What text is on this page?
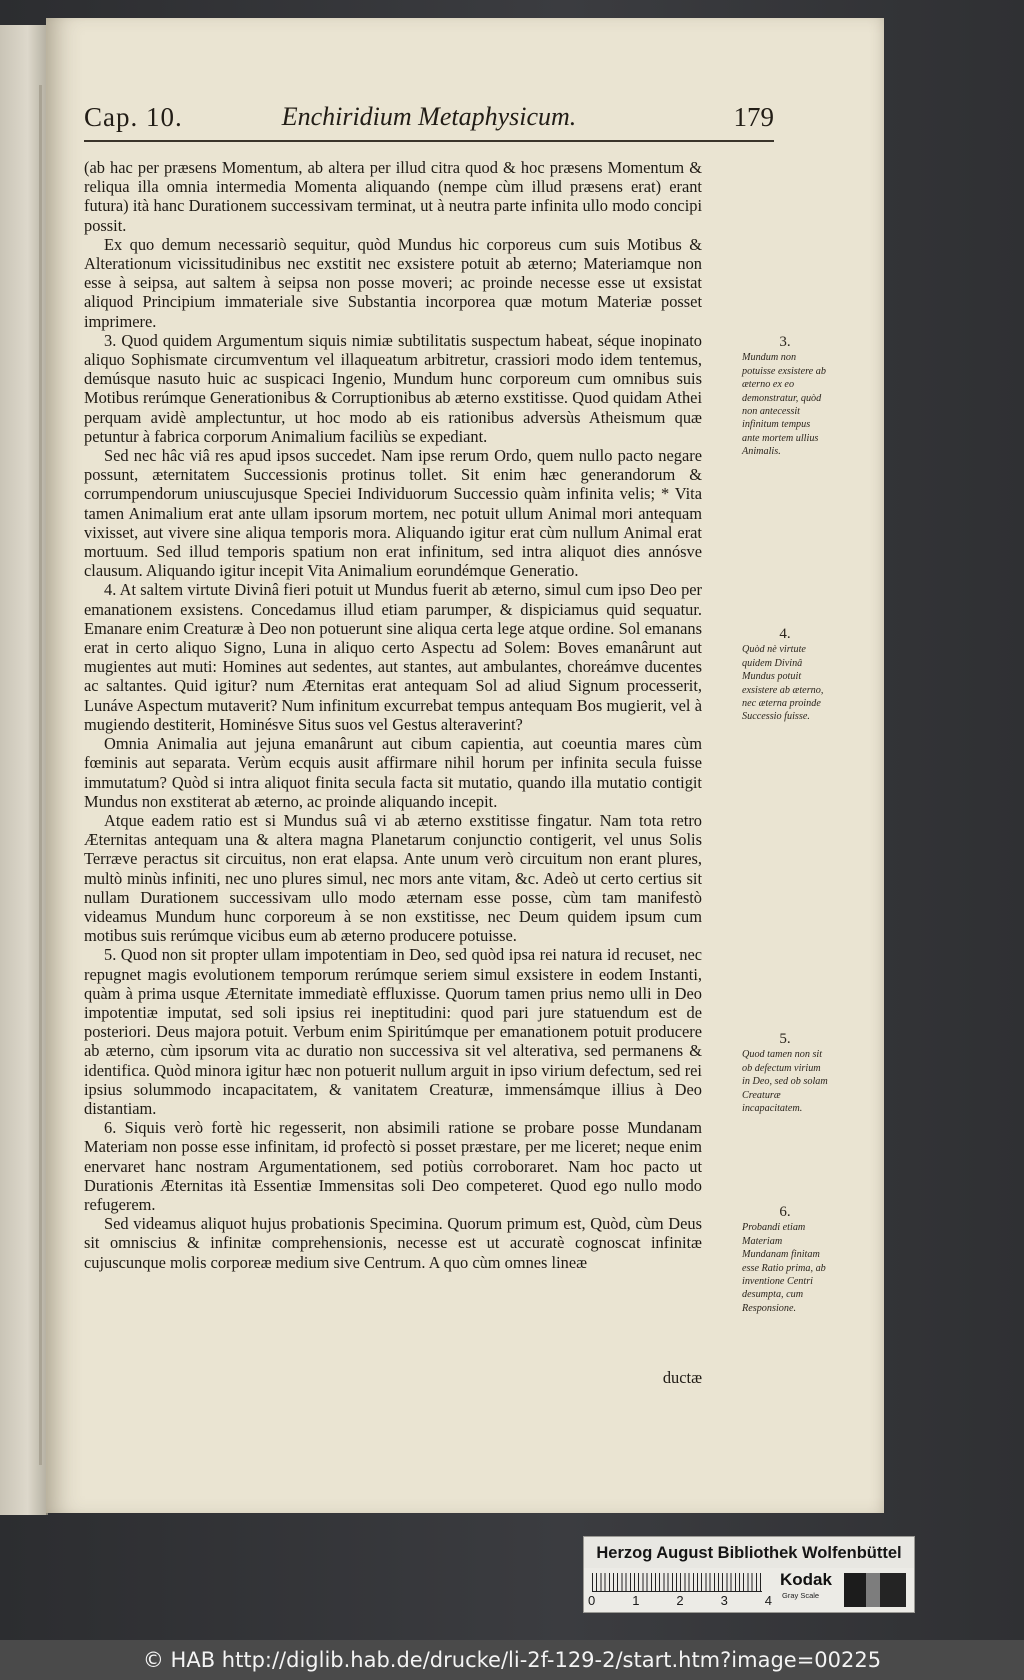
Cap. 10.	Enchiridium Metaphysicum.	179

(ab hac per præsens Momentum, ab altera per illud citra quod & hoc præsens Momentum & reliqua illa omnia intermedia Momenta aliquando (nempe cùm illud præsens erat) erant futura) ità hanc Durationem successivam terminat, ut à neutra parte infinita ullo modo concipi possit.

Ex quo demum necessariò sequitur, quòd Mundus hic corporeus cum suis Motibus & Alterationum vicissitudinibus nec exstitit nec exsistere potuit ab æterno; Materiamque non esse à seipsa, aut saltem à seipsa non posse moveri; ac proinde necesse esse ut exsistat aliquod Principium immateriale sive Substantia incorporea quæ motum Materiæ posset imprimere.

3. Quod quidem Argumentum siquis nimiæ subtilitatis suspectum habeat, séque inopinato aliquo Sophismate circumventum vel illaqueatum arbitretur, crassiori modo idem tentemus, demúsque nasuto huic ac suspicaci Ingenio, Mundum hunc corporeum cum omnibus suis Motibus rerúmque Generationibus & Corruptionibus ab æterno exstitisse. Quod quidam Athei perquam avidè amplectuntur, ut hoc modo ab eis rationibus adversùs Atheismum quæ petuntur à fabrica corporum Animalium faciliùs se expediant.

Sed nec hâc viâ res apud ipsos succedet. Nam ipse rerum Ordo, quem nullo pacto negare possunt, æternitatem Successionis protinus tollet. Sit enim hæc generandorum & corrumpendorum uniuscujusque Speciei Individuorum Successio quàm infinita velis; * Vita tamen Animalium erat ante ullam ipsorum mortem, nec potuit ullum Animal mori antequam vixisset, aut vivere sine aliqua temporis mora. Aliquando igitur erat cùm nullum Animal erat mortuum. Sed illud temporis spatium non erat infinitum, sed intra aliquot dies annósve clausum. Aliquando igitur incepit Vita Animalium eorundémque Generatio.

4. At saltem virtute Divinâ fieri potuit ut Mundus fuerit ab æterno, simul cum ipso Deo per emanationem exsistens. Concedamus illud etiam parumper, & dispiciamus quid sequatur. Emanare enim Creaturæ à Deo non potuerunt sine aliqua certa lege atque ordine. Sol emanans erat in certo aliquo Signo, Luna in aliquo certo Aspectu ad Solem: Boves emanârunt aut mugientes aut muti: Homines aut sedentes, aut stantes, aut ambulantes, choreámve ducentes ac saltantes. Quid igitur? num Æternitas erat antequam Sol ad aliud Signum processerit, Lunáve Aspectum mutaverit? Num infinitum excurrebat tempus antequam Bos mugierit, vel à mugiendo destiterit, Hominésve Situs suos vel Gestus alteraverint?

Omnia Animalia aut jejuna emanârunt aut cibum capientia, aut coeuntia mares cùm fœminis aut separata. Verùm ecquis ausit affirmare nihil horum per infinita secula fuisse immutatum? Quòd si intra aliquot finita secula facta sit mutatio, quando illa mutatio contigit Mundus non exstiterat ab æterno, ac proinde aliquando incepit.

Atque eadem ratio est si Mundus suâ vi ab æterno exstitisse fingatur. Nam tota retro Æternitas antequam una & altera magna Planetarum conjunctio contigerit, vel unus Solis Terræve peractus sit circuitus, non erat elapsa. Ante unum verò circuitum non erant plures, multò minùs infiniti, nec uno plures simul, nec mors ante vitam, &c. Adeò ut certo certius sit nullam Durationem successivam ullo modo æternam esse posse, cùm tam manifestò videamus Mundum hunc corporeum à se non exstitisse, nec Deum quidem ipsum cum motibus suis rerúmque vicibus eum ab æterno producere potuisse.

5. Quod non sit propter ullam impotentiam in Deo, sed quòd ipsa rei natura id recuset, nec repugnet magis evolutionem temporum rerúmque seriem simul exsistere in eodem Instanti, quàm à prima usque Æternitate immediatè effluxisse. Quorum tamen prius nemo ulli in Deo impotentiæ imputat, sed soli ipsius rei ineptitudini: quod pari jure statuendum est de posteriori. Deus majora potuit. Verbum enim Spiritúmque per emanationem potuit producere ab æterno, cùm ipsorum vita ac duratio non successiva sit vel alterativa, sed permanens & identifica. Quòd minora igitur hæc non potuerit nullum arguit in ipso virium defectum, sed rei ipsius solummodo incapacitatem, & vanitatem Creaturæ, immensámque illius à Deo distantiam.

6. Siquis verò fortè hic regesserit, non absimili ratione se probare posse Mundanam Materiam non posse esse infinitam, id profectò si posset præstare, per me liceret; neque enim enervaret hanc nostram Argumentationem, sed potiùs corroboraret. Nam hoc pacto ut Durationis Æternitas ità Essentiæ Immensitas soli Deo competeret. Quod ego nullo modo refugerem.

Sed videamus aliquot hujus probationis Specimina. Quorum primum est, Quòd, cùm Deus sit omniscius & infinitæ comprehensionis, necesse est ut accuratè cognoscat infinitæ cujuscunque molis corporeæ medium sive Centrum. A quo cùm omnes lineæ

ductæ
3.
Mundum non potuisse exsistere ab æterno ex eo demonstratur, quòd non antecessit infinitum tempus ante mortem ullius Animalis.
4.
Quòd nè virtute quidem Divinâ Mundus potuit exsistere ab æterno, nec æterna proinde Successio fuisse.
5.
Quod tamen non sit ob defectum virium in Deo, sed ob solam Creaturæ incapacitatem.
6.
Probandi etiam Materiam Mundanam finitam esse Ratio prima, ab inventione Centri desumpta, cum Responsione.
Herzog August Bibliothek Wolfenbüttel
0	1	2	3	4
Kodak
Gray Scale
© HAB http://diglib.hab.de/drucke/li-2f-129-2/start.htm?image=00225
